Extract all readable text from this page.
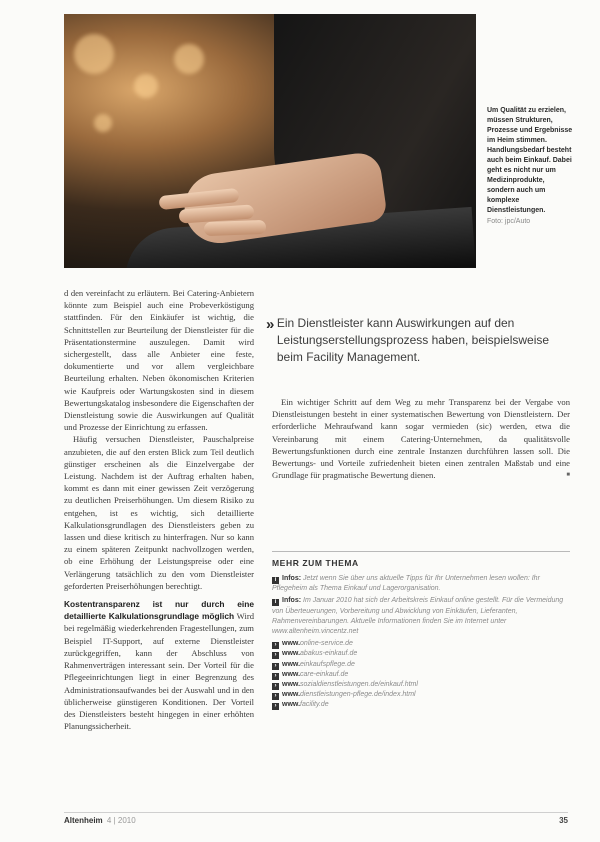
Um Qualität zu erzielen, müssen Strukturen, Prozesse und Ergebnisse im Heim stimmen. Handlungsbedarf besteht auch beim Einkauf. Dabei geht es nicht nur um Medizinprodukte, sondern auch um komplexe Dienstleistungen.
Foto: jpc/Auto

d den vereinfacht zu erläutern. Bei Catering-Anbietern könnte zum Beispiel auch eine Probeverköstigung stattfinden. Für den Einkäufer ist wichtig, die Schnittstellen zur Beurteilung der Dienstleister für die Präsentationstermine auszulegen. Damit wird sichergestellt, dass alle Anbieter eine feste, dokumentierte und vor allem vergleichbare Beurteilung erhalten. Neben ökonomischen Kriterien wie Kaufpreis oder Wartungskosten sind in diesem Bewertungskatalog insbesondere die Eigenschaften der Dienstleistung sowie die Auswirkungen auf Qualität und Prozesse der Einrichtung zu erfassen.

Häufig versuchen Dienstleister, Pauschalpreise anzubieten, die auf den ersten Blick zum Teil deutlich günstiger erscheinen als die Einzelvergabe der Leistung. Nachdem ist der Auftrag erhalten haben, kommt es dann mit einer gewissen Zeit verzögerung zu deutlichen Preiserhöhungen. Um diesem Risiko zu entgehen, ist es wichtig, sich detaillierte Kalkulationsgrundlagen des Dienstleisters geben zu lassen und diese kritisch zu hinterfragen. Nur so kann zu einem späteren Zeitpunkt nachvollzogen werden, ob eine Erhöhung der Leistungspreise oder eine Verlängerung tatsächlich zu den vom Dienstleister geforderten Preiserhöhungen berechtigt.

Kostentransparenz ist nur durch eine detaillierte Kalkulationsgrundlage möglich Wird bei regelmäßig wiederkehrenden Fragestellungen, zum Beispiel IT-Support, auf externe Dienstleister zurückgegriffen, kann der Abschluss von Rahmenverträgen interessant sein. Der Vorteil für die Pflegeeinrichtungen liegt in einer Begrenzung des Administrationsaufwandes bei der Auswahl und in den üblicherweise günstigeren Konditionen. Der Vorteil des Dienstleisters besteht hingegen in einer erhöhten Planungssicherheit.

» Ein Dienstleister kann Auswirkungen auf den Leistungserstellungsprozess haben, beispielsweise beim Facility Management.

Ein wichtiger Schritt auf dem Weg zu mehr Transparenz bei der Vergabe von Dienstleistungen besteht in einer systematischen Bewertung von Dienstleistern. Der erforderliche Mehraufwand kann sogar vermieden (sic) werden, etwa die Vereinbarung mit einem Catering-Unternehmen, da qualitätsvolle Bewertungsfunktionen durch eine zentrale Instanzen durchführen lassen soll. Die Bewertungs- und Vorteile zufriedenheit bieten einen zentralen Maßstab und eine Grundlage für pragmatische Bewertung dienen.	■

MEHR ZUM THEMA

i Infos: Jetzt wenn Sie über uns aktuelle Tipps für Ihr Unternehmen lesen wollen: Ihr Pflegeheim als Thema Einkauf und Lagerorganisation.

i Infos: Im Januar 2010 hat sich der Arbeitskreis Einkauf online gestellt. Für die Vermeidung von Überteuerungen, Vorbereitung und Abwicklung von Einkäufen, Lieferanten, Rahmenvereinbarungen. Aktuelle Informationen finden Sie im Internet unter www.altenheim.vincentz.net

› www.online-service.de
› www.abakus-einkauf.de
› www.einkaufspflege.de
› www.care-einkauf.de
› www.sozialdienstleistungen.de/einkauf.html
› www.dienstleistungen-pflege.de/index.html
› www.facility.de
Altenheim 4 | 2010	35
